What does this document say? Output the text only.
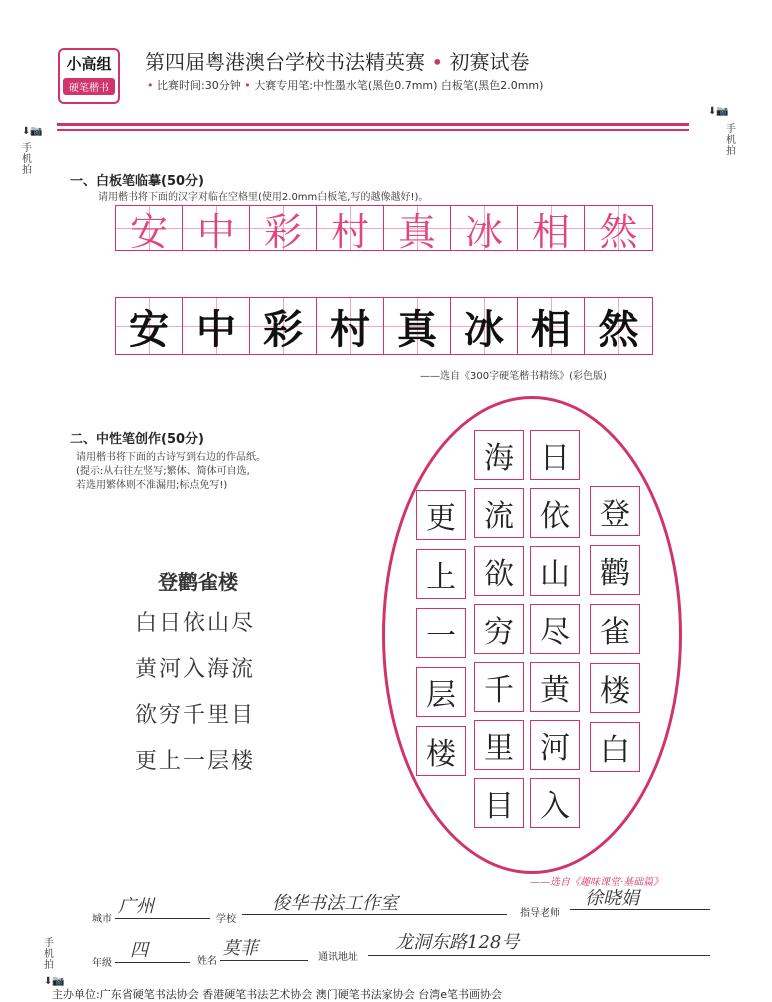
小高组
硬笔楷书
第四届粤港澳台学校书法精英赛 • 初赛试卷
• 比赛时间:30分钟 • 大赛专用笔:中性墨水笔(黑色0.7mm) 白板笔(黑色2.0mm)
⬇📷
手机拍
⬇📷
手机拍
手机拍
⬇📷
一、白板笔临摹(50分)
请用楷书将下面的汉字对临在空格里(使用2.0mm白板笔,写的越像越好!)。
安 中 彩 村 真 冰 相 然
安 中 彩 村 真 冰 相 然
——选自《300字硬笔楷书精练》(彩色版)
二、中性笔创作(50分)
请用楷书将下面的古诗写到右边的作品纸。
(提示:从右往左竖写;繁体、简体可自选,
若选用繁体则不准漏用;标点免写!)
登鹳雀楼
白日依山尽
黄河入海流
欲穷千里目
更上一层楼
登
鹳
雀
楼
白
日
依
山
尽
黄
河
入
海
流
欲
穷
千
里
目
更
上
一
层
楼
——选自《趣味课堂·基础篇》
城市
广州
学校
俊华书法工作室	指导老师
徐晓娟
年级
四
姓名
莫菲	通讯地址
龙洞东路128号
主办单位:广东省硬笔书法协会 香港硬笔书法艺术协会 澳门硬笔书法家协会 台湾e笔书画协会
